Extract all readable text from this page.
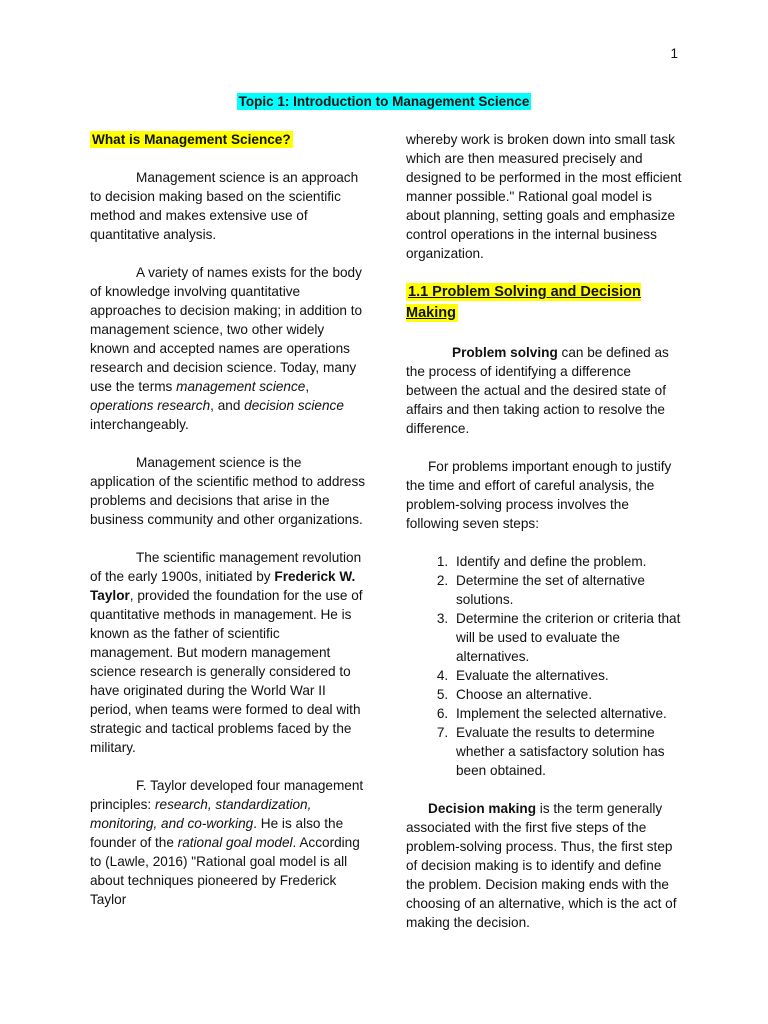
1
Topic 1: Introduction to Management Science
What is Management Science?

Management science is an approach to decision making based on the scientific method and makes extensive use of quantitative analysis.

A variety of names exists for the body of knowledge involving quantitative approaches to decision making; in addition to management science, two other widely known and accepted names are operations research and decision science. Today, many use the terms management science, operations research, and decision science interchangeably.

Management science is the application of the scientific method to address problems and decisions that arise in the business community and other organizations.

The scientific management revolution of the early 1900s, initiated by Frederick W. Taylor, provided the foundation for the use of quantitative methods in management. He is known as the father of scientific management. But modern management science research is generally considered to have originated during the World War II period, when teams were formed to deal with strategic and tactical problems faced by the military.

F. Taylor developed four management principles: research, standardization, monitoring, and co-working. He is also the founder of the rational goal model. According to (Lawle, 2016) "Rational goal model is all about techniques pioneered by Frederick Taylor

whereby work is broken down into small task which are then measured precisely and designed to be performed in the most efficient manner possible." Rational goal model is about planning, setting goals and emphasize control operations in the internal business organization.

1.1 Problem Solving and Decision Making

Problem solving can be defined as the process of identifying a difference between the actual and the desired state of affairs and then taking action to resolve the difference.

For problems important enough to justify the time and effort of careful analysis, the problem-solving process involves the following seven steps:

1. Identify and define the problem.
2. Determine the set of alternative solutions.
3. Determine the criterion or criteria that will be used to evaluate the alternatives.
4. Evaluate the alternatives.
5. Choose an alternative.
6. Implement the selected alternative.
7. Evaluate the results to determine whether a satisfactory solution has been obtained.

Decision making is the term generally associated with the first five steps of the problem-solving process. Thus, the first step of decision making is to identify and define the problem. Decision making ends with the choosing of an alternative, which is the act of making the decision.
